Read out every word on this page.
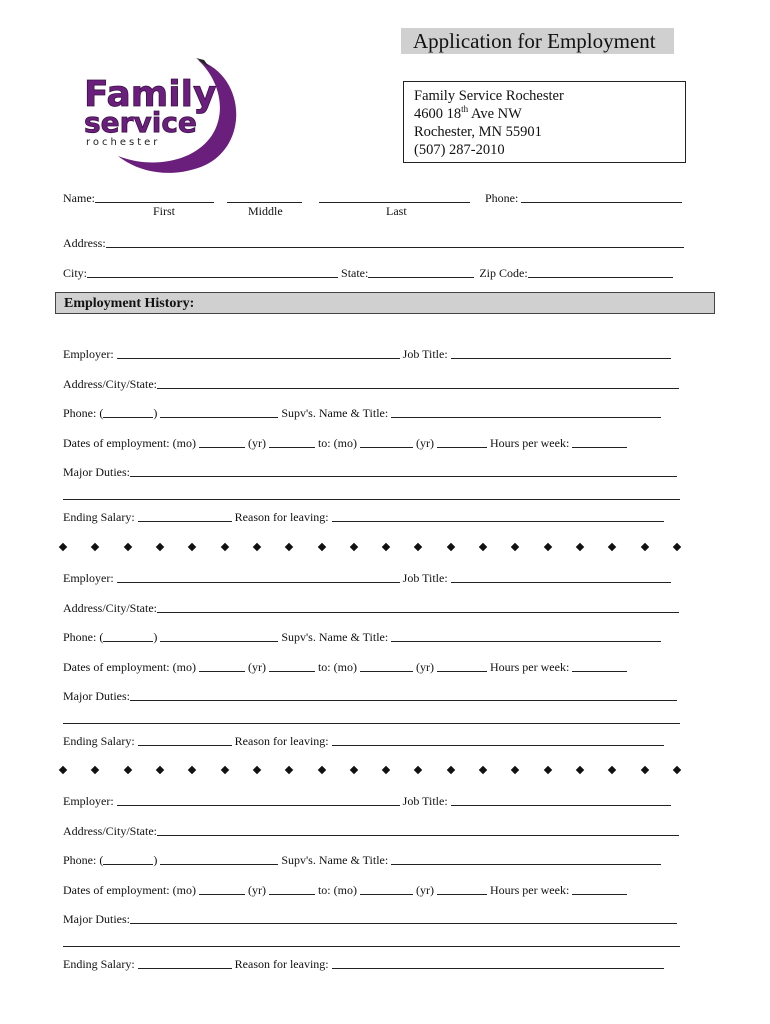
Family
service
rochester
Application for Employment
Family Service Rochester
4600 18th Ave NW
Rochester, MN 55901
(507) 287-2010
Name:	Phone:
First	Middle	Last
Address:
City:	State:	Zip Code:
Employment History:
Employer:	Job Title:
Address/City/State:
Phone: (	)	Supv's. Name & Title:
Dates of employment: (mo)	(yr)	to: (mo)	(yr)	Hours per week:
Major Duties:
Ending Salary:	Reason for leaving:
Employer:	Job Title:
Address/City/State:
Phone: (	)	Supv's. Name & Title:
Dates of employment: (mo)	(yr)	to: (mo)	(yr)	Hours per week:
Major Duties:
Ending Salary:	Reason for leaving:
Employer:	Job Title:
Address/City/State:
Phone: (	)	Supv's. Name & Title:
Dates of employment: (mo)	(yr)	to: (mo)	(yr)	Hours per week:
Major Duties:
Ending Salary:	Reason for leaving:
